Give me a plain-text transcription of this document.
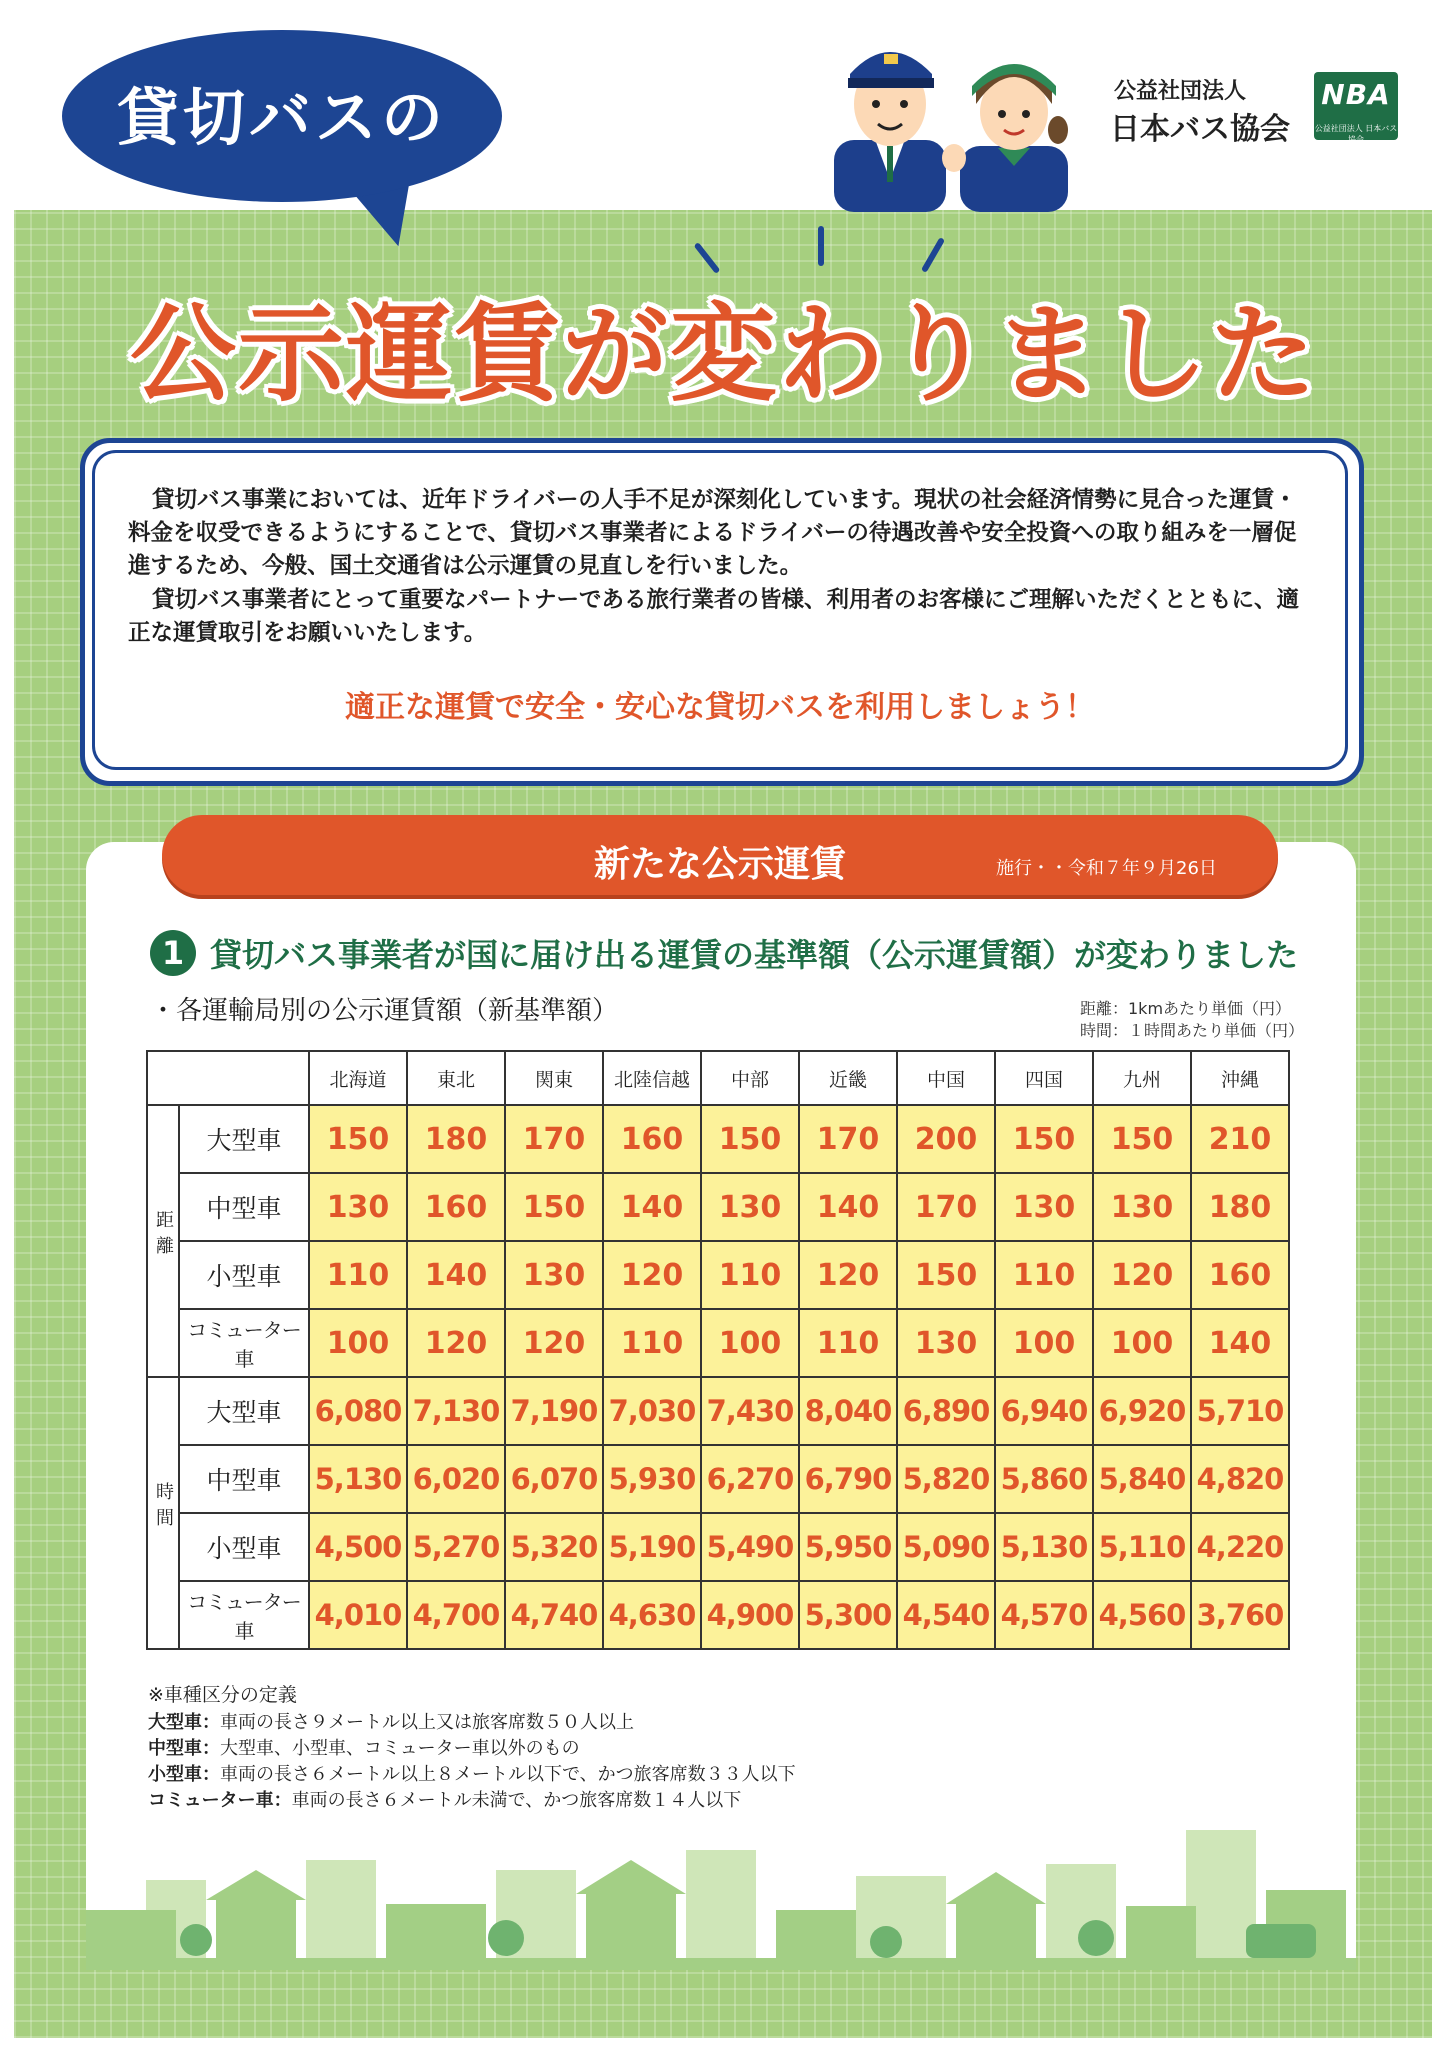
貸切バスの	公益社団法人
日本バス協会
NBA
公益社団法人 日本バス協会
公示運賃が変わりました
貸切バス事業においては、近年ドライバーの人手不足が深刻化しています。現状の社会経済情勢に見合った運賃・料金を収受できるようにすることで、貸切バス事業者によるドライバーの待遇改善や安全投資への取り組みを一層促進するため、今般、国土交通省は公示運賃の見直しを行いました。
貸切バス事業者にとって重要なパートナーである旅行業者の皆様、利用者のお客様にご理解いただくとともに、適正な運賃取引をお願いいたします。
適正な運賃で安全・安心な貸切バスを利用しましょう！
新たな公示運賃	施行・・令和７年９月26日
1 貸切バス事業者が国に届け出る運賃の基準額（公示運賃額）が変わりました
・各運輸局別の公示運賃額（新基準額）	距離：1kmあたり単価（円）
時間：１時間あたり単価（円）
		北海道	東北	関東	北陸信越	中部	近畿	中国	四国	九州	沖縄
距離	大型車	150	180	170	160	150	170	200	150	150	210
	中型車	130	160	150	140	130	140	170	130	130	180
	小型車	110	140	130	120	110	120	150	110	120	160
	コミューター車	100	120	120	110	100	110	130	100	100	140
時間	大型車	6,080	7,130	7,190	7,030	7,430	8,040	6,890	6,940	6,920	5,710
	中型車	5,130	6,020	6,070	5,930	6,270	6,790	5,820	5,860	5,840	4,820
	小型車	4,500	5,270	5,320	5,190	5,490	5,950	5,090	5,130	5,110	4,220
	コミューター車	4,010	4,700	4,740	4,630	4,900	5,300	4,540	4,570	4,560	3,760
※車種区分の定義
大型車：車両の長さ９メートル以上又は旅客席数５０人以上
中型車：大型車、小型車、コミューター車以外のもの
小型車：車両の長さ６メートル以上８メートル以下で、かつ旅客席数３３人以下
コミューター車：車両の長さ６メートル未満で、かつ旅客席数１４人以下
